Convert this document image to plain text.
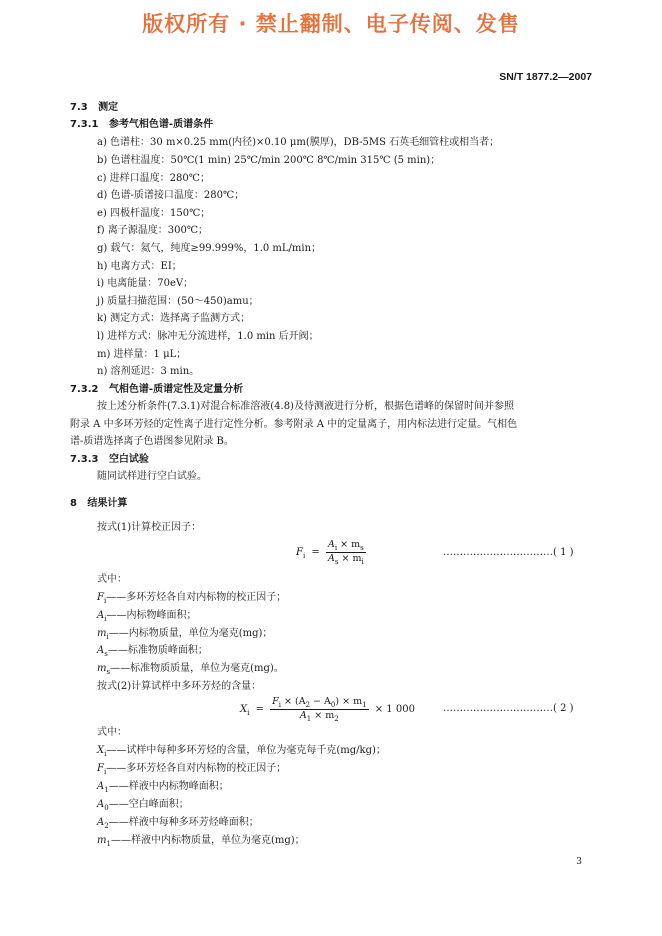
版权所有 · 禁止翻制、电子传阅、发售
SN/T 1877.2—2007
7.3 测定
7.3.1 参考气相色谱-质谱条件
a) 色谱柱：30 m×0.25 mm(内径)×0.10 μm(膜厚)，DB-5MS 石英毛细管柱或相当者；
b) 色谱柱温度：50℃(1 min) 25℃/min 200℃ 8℃/min 315℃ (5 min)；
c) 进样口温度：280℃；
d) 色谱-质谱接口温度：280℃；
e) 四极杆温度：150℃；
f) 离子源温度：300℃；
g) 载气：氦气，纯度≥99.999%，1.0 mL/min；
h) 电离方式：EI；
i) 电离能量：70eV；
j) 质量扫描范围：(50～450)amu；
k) 测定方式：选择离子监测方式；
l) 进样方式：脉冲无分流进样，1.0 min 后开阀；
m) 进样量：1 μL；
n) 溶剂延迟：3 min。
7.3.2 气相色谱-质谱定性及定量分析
按上述分析条件(7.3.1)对混合标准溶液(4.8)及待测液进行分析，根据色谱峰的保留时间并参照
附录 A 中多环芳烃的定性离子进行定性分析。参考附录 A 中的定量离子，用内标法进行定量。气相色
谱-质谱选择离子色谱图参见附录 B。
7.3.3 空白试验
随同试样进行空白试验。
8 结果计算
按式(1)计算校正因子：
$F_i = \frac{A_i \times m_s}{A_s \times m_i}$	……………………………( 1 )
式中：
$F_i——$多环芳烃各自对内标物的校正因子；
$A_i——$内标物峰面积；
$m_i——$内标物质量，单位为毫克(mg)；
$A_s——$标准物质峰面积；
$m_s——$标准物质质量，单位为毫克(mg)。
按式(2)计算试样中多环芳烃的含量：
$X_i = \frac{F_i \times (A_2 - A_0) \times m_1}{A_1 \times m_2} \times 1$ 000	……………………………( 2 )
式中：
$X_i——$试样中每种多环芳烃的含量，单位为毫克每千克(mg/kg)；
$F_i——$多环芳烃各自对内标物的校正因子；
$A_1——$样液中内标物峰面积；
$A_0——$空白峰面积；
$A_2——$样液中每种多环芳烃峰面积；
$m_1——$样液中内标物质量，单位为毫克(mg)；
3
